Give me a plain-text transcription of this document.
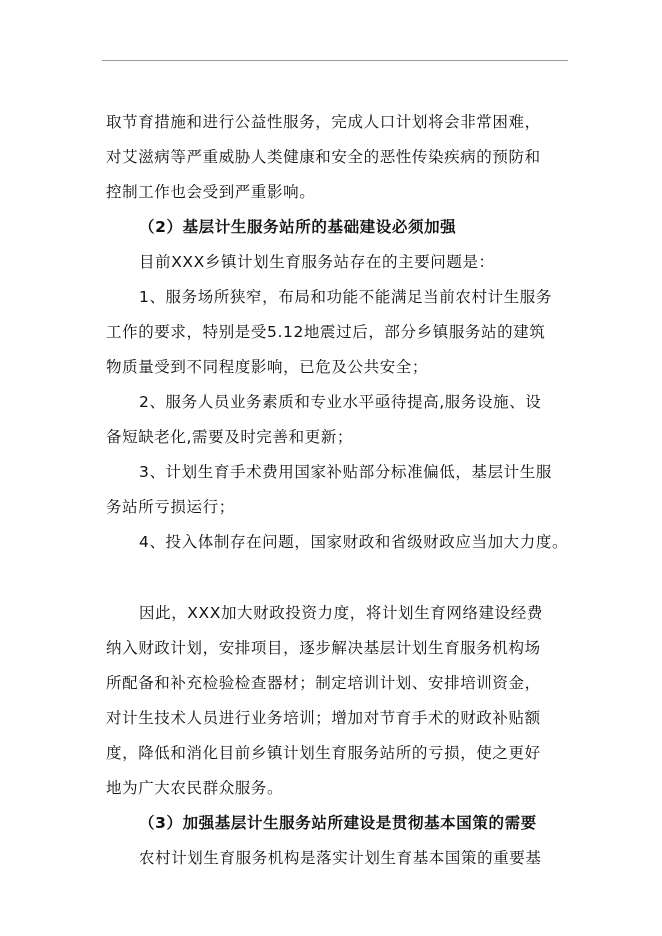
取节育措施和进行公益性服务，完成人口计划将会非常困难，
对艾滋病等严重威胁人类健康和安全的恶性传染疾病的预防和
控制工作也会受到严重影响。
（2）基层计生服务站所的基础建设必须加强
目前XXX乡镇计划生育服务站存在的主要问题是：
1、服务场所狭窄，布局和功能不能满足当前农村计生服务
工作的要求，特别是受5.12地震过后，部分乡镇服务站的建筑
物质量受到不同程度影响，已危及公共安全；
2、服务人员业务素质和专业水平亟待提高,服务设施、设
备短缺老化,需要及时完善和更新；
3、计划生育手术费用国家补贴部分标准偏低，基层计生服
务站所亏损运行；
4、投入体制存在问题，国家财政和省级财政应当加大力度。
因此，XXX加大财政投资力度，将计划生育网络建设经费
纳入财政计划，安排项目，逐步解决基层计划生育服务机构场
所配备和补充检验检查器材；制定培训计划、安排培训资金，
对计生技术人员进行业务培训；增加对节育手术的财政补贴额
度，降低和消化目前乡镇计划生育服务站所的亏损，使之更好
地为广大农民群众服务。
（3）加强基层计生服务站所建设是贯彻基本国策的需要
农村计划生育服务机构是落实计划生育基本国策的重要基
